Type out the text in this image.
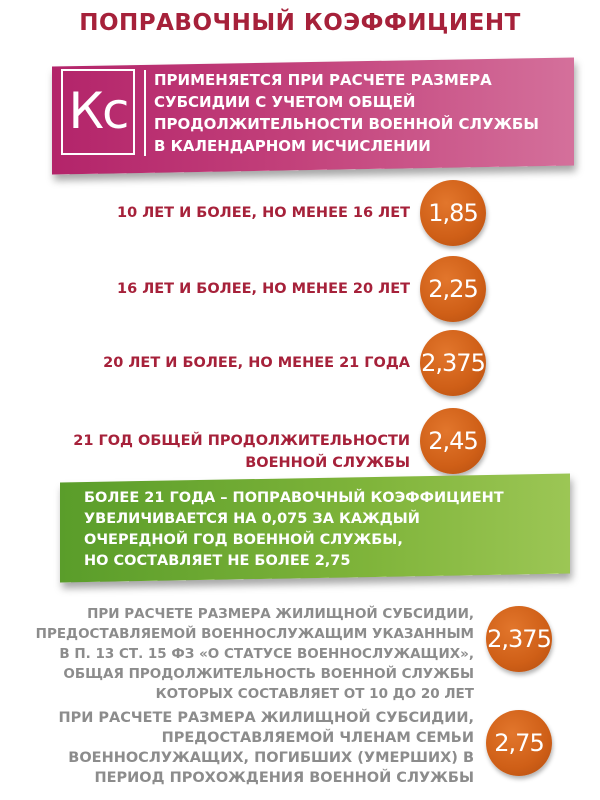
ПОПРАВОЧНЫЙ КОЭФФИЦИЕНТ
Кс
ПРИМЕНЯЕТСЯ ПРИ РАСЧЕТЕ РАЗМЕРА
СУБСИДИИ С УЧЕТОМ ОБЩЕЙ
ПРОДОЛЖИТЕЛЬНОСТИ ВОЕННОЙ СЛУЖБЫ
В КАЛЕНДАРНОМ ИСЧИСЛЕНИИ
10 ЛЕТ И БОЛЕЕ, НО МЕНЕЕ 16 ЛЕТ 1,85
16 ЛЕТ И БОЛЕЕ, НО МЕНЕЕ 20 ЛЕТ 2,25
20 ЛЕТ И БОЛЕЕ, НО МЕНЕЕ 21 ГОДА 2,375
21 ГОД ОБЩЕЙ ПРОДОЛЖИТЕЛЬНОСТИ
ВОЕННОЙ СЛУЖБЫ
2,45
БОЛЕЕ 21 ГОДА – ПОПРАВОЧНЫЙ КОЭФФИЦИЕНТ
УВЕЛИЧИВАЕТСЯ НА 0,075 ЗА КАЖДЫЙ
ОЧЕРЕДНОЙ ГОД ВОЕННОЙ СЛУЖБЫ,
НО СОСТАВЛЯЕТ НЕ БОЛЕЕ 2,75
ПРИ РАСЧЕТЕ РАЗМЕРА ЖИЛИЩНОЙ СУБСИДИИ,
ПРЕДОСТАВЛЯЕМОЙ ВОЕННОСЛУЖАЩИМ УКАЗАННЫМ
В П. 13 СТ. 15 ФЗ «О СТАТУСЕ ВОЕННОСЛУЖАЩИХ»,
ОБЩАЯ ПРОДОЛЖИТЕЛЬНОСТЬ ВОЕННОЙ СЛУЖБЫ
КОТОРЫХ СОСТАВЛЯЕТ ОТ 10 ДО 20 ЛЕТ
2,375
ПРИ РАСЧЕТЕ РАЗМЕРА ЖИЛИЩНОЙ СУБСИДИИ,
ПРЕДОСТАВЛЯЕМОЙ ЧЛЕНАМ СЕМЬИ
ВОЕННОСЛУЖАЩИХ, ПОГИБШИХ (УМЕРШИХ) В
ПЕРИОД ПРОХОЖДЕНИЯ ВОЕННОЙ СЛУЖБЫ
2,75
